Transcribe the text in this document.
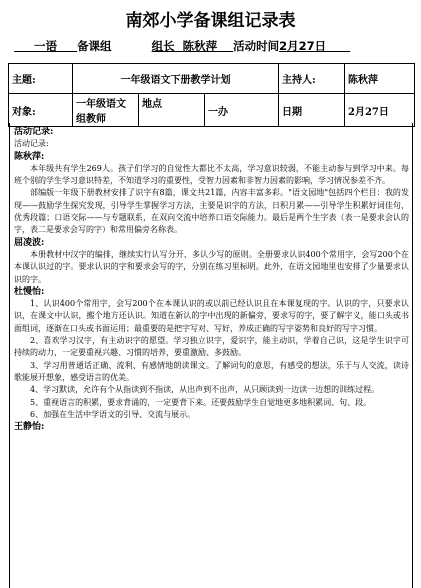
南郊小学备课组记录表
一语 备课组	组长 陈秋萍 活动时间2月27日
主题:	一年级语文下册教学计划			主持人:	陈秋萍
对象:	一年级语文组教师	地点	一办	日期	2月27日

活动记录:

活动记录:

陈秋萍:

本年级共有学生269人。孩子们学习的自觉性大都比不太高，学习意识较弱，不能主动参与到学习中来。每班个别的学生学习意识特差，不知道学习的重要性，受智力因素和非智力因素的影响，学习情况参差不齐。

部编版一年级下册教材安排了识字有8篇，课文共21篇，内容丰富多彩。"语文园地"包括四个栏目：我的发现——鼓励学生探究发现，引导学生掌握学习方法，主要是识字的方法，日积月累——引导学生积累好词佳句，优秀段篇；口语交际——与专题联系，在双向交流中培养口语交际能力。最后是两个生字表（表一是要求会认的字，表二是要求会写的字）和常用偏旁名称表。

屈凌波:

本册教材中汉字的编排，继续实行认写分开、多认少写的原则。全册要求认识400个常用字，会写200个在本课认识过的字。要求认识的字和要求会写的字，分别在练习里标明。此外，在语文园地里也安排了少量要求认识的字。

杜慢怡:

1、认识400个常用字，会写200个在本课认识的或以前已经认识且在本课复现的字。认识的字，只要求认识，在课文中认识，搬个地方还认识。知道在新认的字中出现的新偏旁，要求写的字，要了解字义，能口头或书面组词，逐渐在口头或书面运用；最重要的是把字写对、写好，养成正确的写字姿势和良好的写字习惯。

2、喜欢学习汉字，有主动识字的愿望。学习独立识字，爱识字，能主动识，学着自己识，这是学生识字可持续的动力，一定要重视兴趣、习惯的培养，要重激励、多鼓励。

3、学习用普通话正确、流利、有感情地朗读课文。了解词句的意思，有感受的想法，乐于与人交流，读诗歌能展开想象，感受语言的优美。

4、学习默读，允许有个从指读到不指读，从出声到不出声，从只顾读到一边读一边想的训练过程。

5、重视语言的积累，要求背诵的，一定要背下来。还要鼓励学生自觉地更多地积累词、句、段。

6、加强在生活中学语文的引导、交流与展示。

王静怡:
